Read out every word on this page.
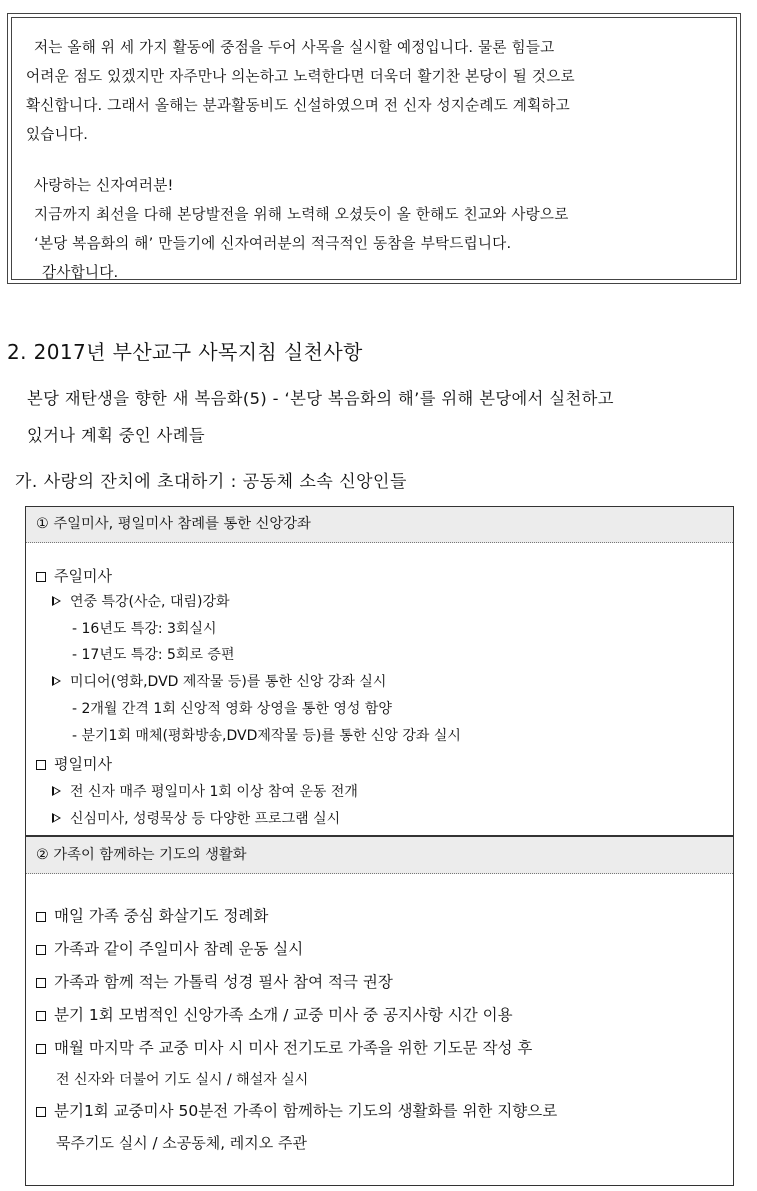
저는 올해 위 세 가지 활동에 중점을 두어 사목을 실시할 예정입니다. 물론 힘들고
어려운 점도 있겠지만 자주만나 의논하고 노력한다면 더욱더 활기찬 본당이 될 것으로
확신합니다. 그래서 올해는 분과활동비도 신설하였으며 전 신자 성지순례도 계획하고
있습니다.
사랑하는 신자여러분!
지금까지 최선을 다해 본당발전을 위해 노력해 오셨듯이 올 한해도 친교와 사랑으로
‘본당 복음화의 해’ 만들기에 신자여러분의 적극적인 동참을 부탁드립니다.
감사합니다.
2. 2017년 부산교구 사목지침 실천사항
본당 재탄생을 향한 새 복음화(5) - ‘본당 복음화의 해’를 위해 본당에서 실천하고
있거나 계획 중인 사례들
가. 사랑의 잔치에 초대하기 : 공동체 소속 신앙인들
① 주일미사, 평일미사 참례를 통한 신앙강좌
주일미사
연중 특강(사순, 대림)강화
- 16년도 특강: 3회실시
- 17년도 특강: 5회로 증편
미디어(영화,DVD 제작물 등)를 통한 신앙 강좌 실시
- 2개월 간격 1회 신앙적 영화 상영을 통한 영성 함양
- 분기1회 매체(평화방송,DVD제작물 등)를 통한 신앙 강좌 실시
평일미사
전 신자 매주 평일미사 1회 이상 참여 운동 전개
신심미사, 성령묵상 등 다양한 프로그램 실시
② 가족이 함께하는 기도의 생활화
매일 가족 중심 화살기도 정례화
가족과 같이 주일미사 참례 운동 실시
가족과 함께 적는 가톨릭 성경 필사 참여 적극 권장
분기 1회 모범적인 신앙가족 소개 / 교중 미사 중 공지사항 시간 이용
매월 마지막 주 교중 미사 시 미사 전기도로 가족을 위한 기도문 작성 후
전 신자와 더불어 기도 실시 / 해설자 실시
분기1회 교중미사 50분전 가족이 함께하는 기도의 생활화를 위한 지향으로
묵주기도 실시 / 소공동체, 레지오 주관
